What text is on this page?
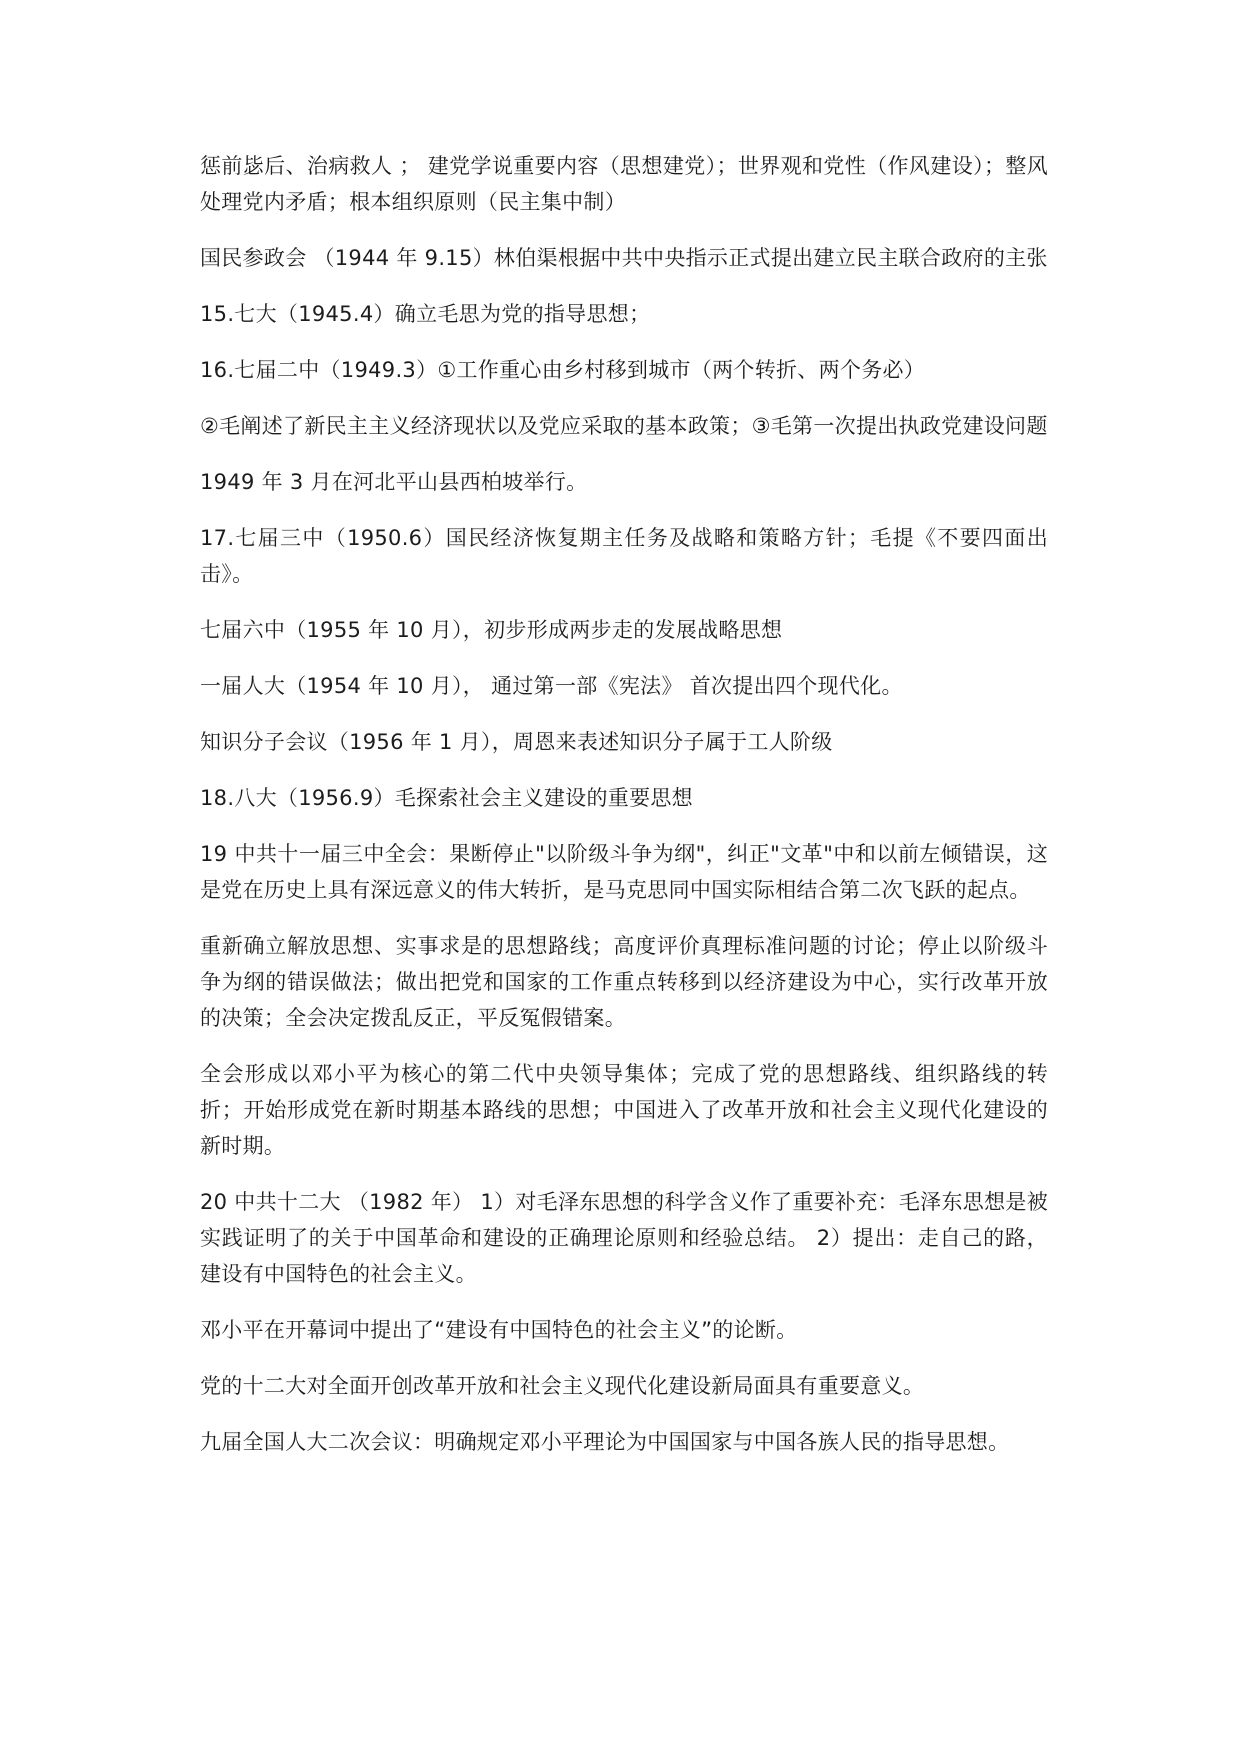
惩前毖后、治病救人 ； 建党学说重要内容（思想建党）；世界观和党性（作风建设）；整风处理党内矛盾；根本组织原则（民主集中制）

国民参政会 （1944 年 9.15）林伯渠根据中共中央指示正式提出建立民主联合政府的主张

15.七大（1945.4）确立毛思为党的指导思想；

16.七届二中（1949.3）①工作重心由乡村移到城市（两个转折、两个务必）

②毛阐述了新民主主义经济现状以及党应采取的基本政策；③毛第一次提出执政党建设问题

1949 年 3 月在河北平山县西柏坡举行。

17.七届三中（1950.6）国民经济恢复期主任务及战略和策略方针；毛提《不要四面出击》。

七届六中（1955 年 10 月），初步形成两步走的发展战略思想

一届人大（1954 年 10 月）， 通过第一部《宪法》 首次提出四个现代化。

知识分子会议（1956 年 1 月），周恩来表述知识分子属于工人阶级

18.八大（1956.9）毛探索社会主义建设的重要思想

19 中共十一届三中全会：果断停止"以阶级斗争为纲"，纠正"文革"中和以前左倾错误，这是党在历史上具有深远意义的伟大转折，是马克思同中国实际相结合第二次飞跃的起点。

重新确立解放思想、实事求是的思想路线；高度评价真理标准问题的讨论；停止以阶级斗争为纲的错误做法；做出把党和国家的工作重点转移到以经济建设为中心，实行改革开放的决策；全会决定拨乱反正，平反冤假错案。

全会形成以邓小平为核心的第二代中央领导集体；完成了党的思想路线、组织路线的转折；开始形成党在新时期基本路线的思想；中国进入了改革开放和社会主义现代化建设的新时期。

20 中共十二大 （1982 年） 1）对毛泽东思想的科学含义作了重要补充：毛泽东思想是被实践证明了的关于中国革命和建设的正确理论原则和经验总结。 2）提出：走自己的路，建设有中国特色的社会主义。

邓小平在开幕词中提出了“建设有中国特色的社会主义”的论断。

党的十二大对全面开创改革开放和社会主义现代化建设新局面具有重要意义。

九届全国人大二次会议：明确规定邓小平理论为中国国家与中国各族人民的指导思想。
